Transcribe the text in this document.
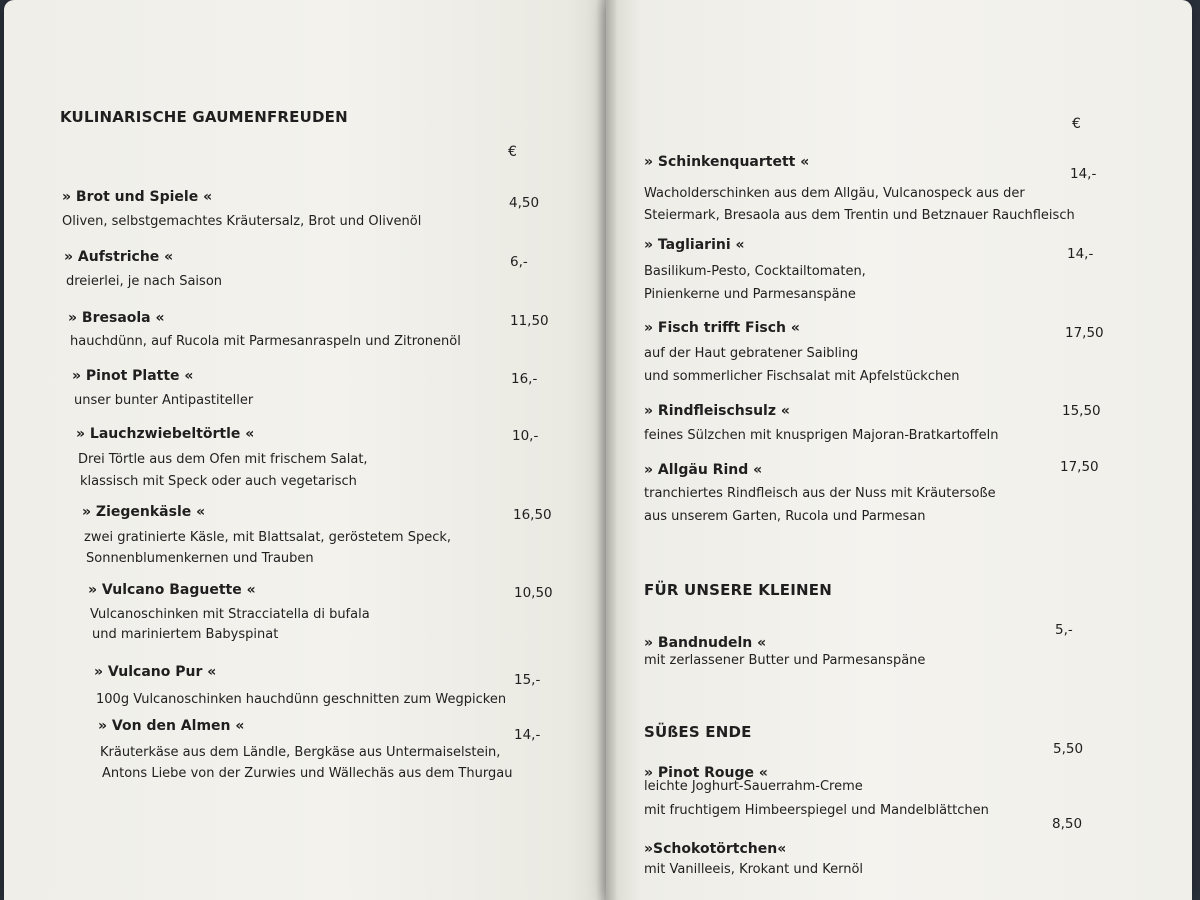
KULINARISCHE GAUMENFREUDEN
€
» Brot und Spiele «
Oliven, selbstgemachtes Kräutersalz, Brot und Olivenöl
4,50
» Aufstriche «
dreierlei, je nach Saison
6,-
» Bresaola «
hauchdünn, auf Rucola mit Parmesanraspeln und Zitronenöl
11,50
» Pinot Platte «
unser bunter Antipastiteller
16,-
» Lauchzwiebeltörtle «
Drei Törtle aus dem Ofen mit frischem Salat,
klassisch mit Speck oder auch vegetarisch
10,-
» Ziegenkäsle «
zwei gratinierte Käsle, mit Blattsalat, geröstetem Speck,
Sonnenblumenkernen und Trauben
16,50
» Vulcano Baguette «
Vulcanoschinken mit Stracciatella di bufala
und mariniertem Babyspinat
10,50
» Vulcano Pur «
100g Vulcanoschinken hauchdünn geschnitten zum Wegpicken
15,-
» Von den Almen «
Kräuterkäse aus dem Ländle, Bergkäse aus Untermaiselstein,
Antons Liebe von der Zurwies und Wällechäs aus dem Thurgau
14,-
€
» Schinkenquartett «
Wacholderschinken aus dem Allgäu, Vulcanospeck aus der
Steiermark, Bresaola aus dem Trentin und Betznauer Rauchfleisch
14,-
» Tagliarini «
Basilikum-Pesto, Cocktailtomaten,
Pinienkerne und Parmesanspäne
14,-
» Fisch trifft Fisch «
auf der Haut gebratener Saibling
und sommerlicher Fischsalat mit Apfelstückchen
17,50
» Rindfleischsulz «
feines Sülzchen mit knusprigen Majoran-Bratkartoffeln
15,50
» Allgäu Rind «
tranchiertes Rindfleisch aus der Nuss mit Kräutersoße
aus unserem Garten, Rucola und Parmesan
17,50
FÜR UNSERE KLEINEN
» Bandnudeln «
mit zerlassener Butter und Parmesanspäne
5,-
SÜßES ENDE
» Pinot Rouge «
leichte Joghurt-Sauerrahm-Creme
mit fruchtigem Himbeerspiegel und Mandelblättchen
5,50
»Schokotörtchen«
mit Vanilleeis, Krokant und Kernöl
8,50
